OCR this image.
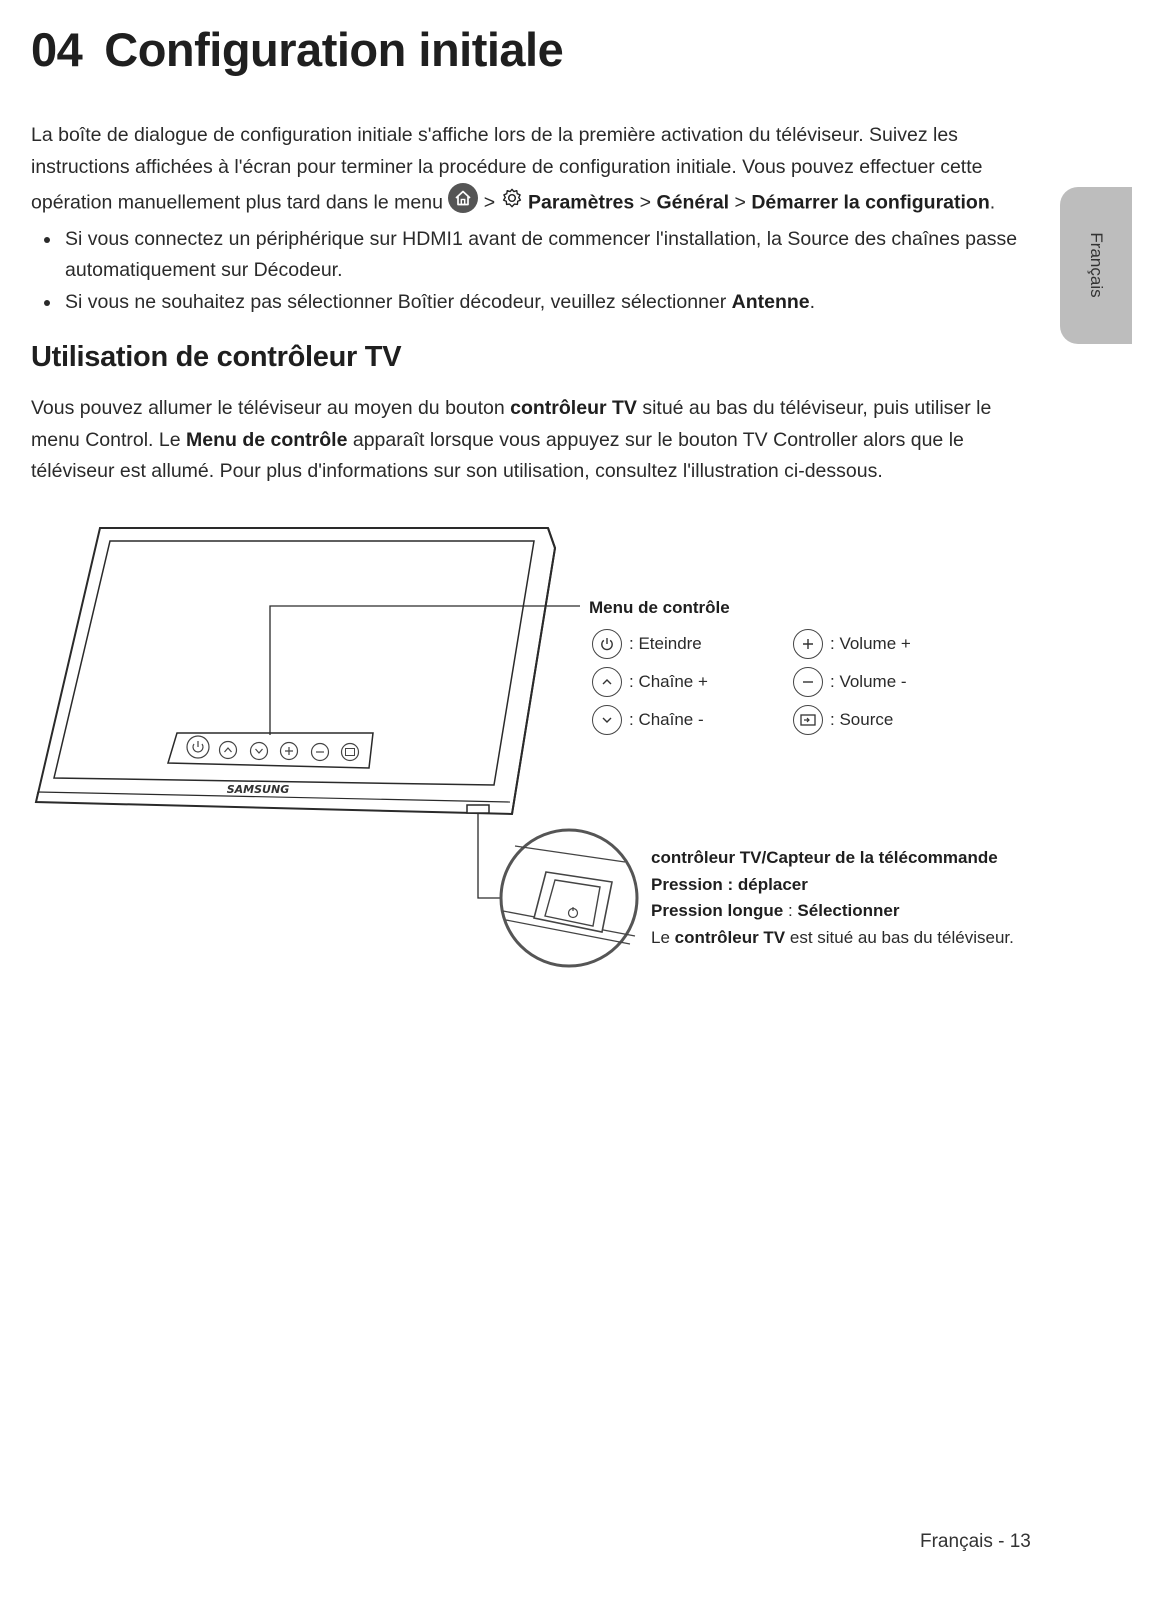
04 Configuration initiale

La boîte de dialogue de configuration initiale s'affiche lors de la première activation du téléviseur. Suivez les instructions affichées à l'écran pour terminer la procédure de configuration initiale. Vous pouvez effectuer cette opération manuellement plus tard dans le menu  >  Paramètres > Général > Démarrer la configuration.

Si vous connectez un périphérique sur HDMI1 avant de commencer l'installation, la Source des chaînes passe automatiquement sur Décodeur.
Si vous ne souhaitez pas sélectionner Boîtier décodeur, veuillez sélectionner Antenne.
Utilisation de contrôleur TV

Vous pouvez allumer le téléviseur au moyen du bouton contrôleur TV situé au bas du téléviseur, puis utiliser le menu Control. Le Menu de contrôle apparaît lorsque vous appuyez sur le bouton TV Controller alors que le téléviseur est allumé. Pour plus d'informations sur son utilisation, consultez l'illustration ci-dessous.

Français
SAMSUNG
Menu de contrôle
: Eteindre
: Chaîne +
: Chaîne -
: Volume +
: Volume -
: Source
contrôleur TV/Capteur de la télécommande
Pression : déplacer
Pression longue : Sélectionner
Le contrôleur TV est situé au bas du téléviseur.
Français - 13
